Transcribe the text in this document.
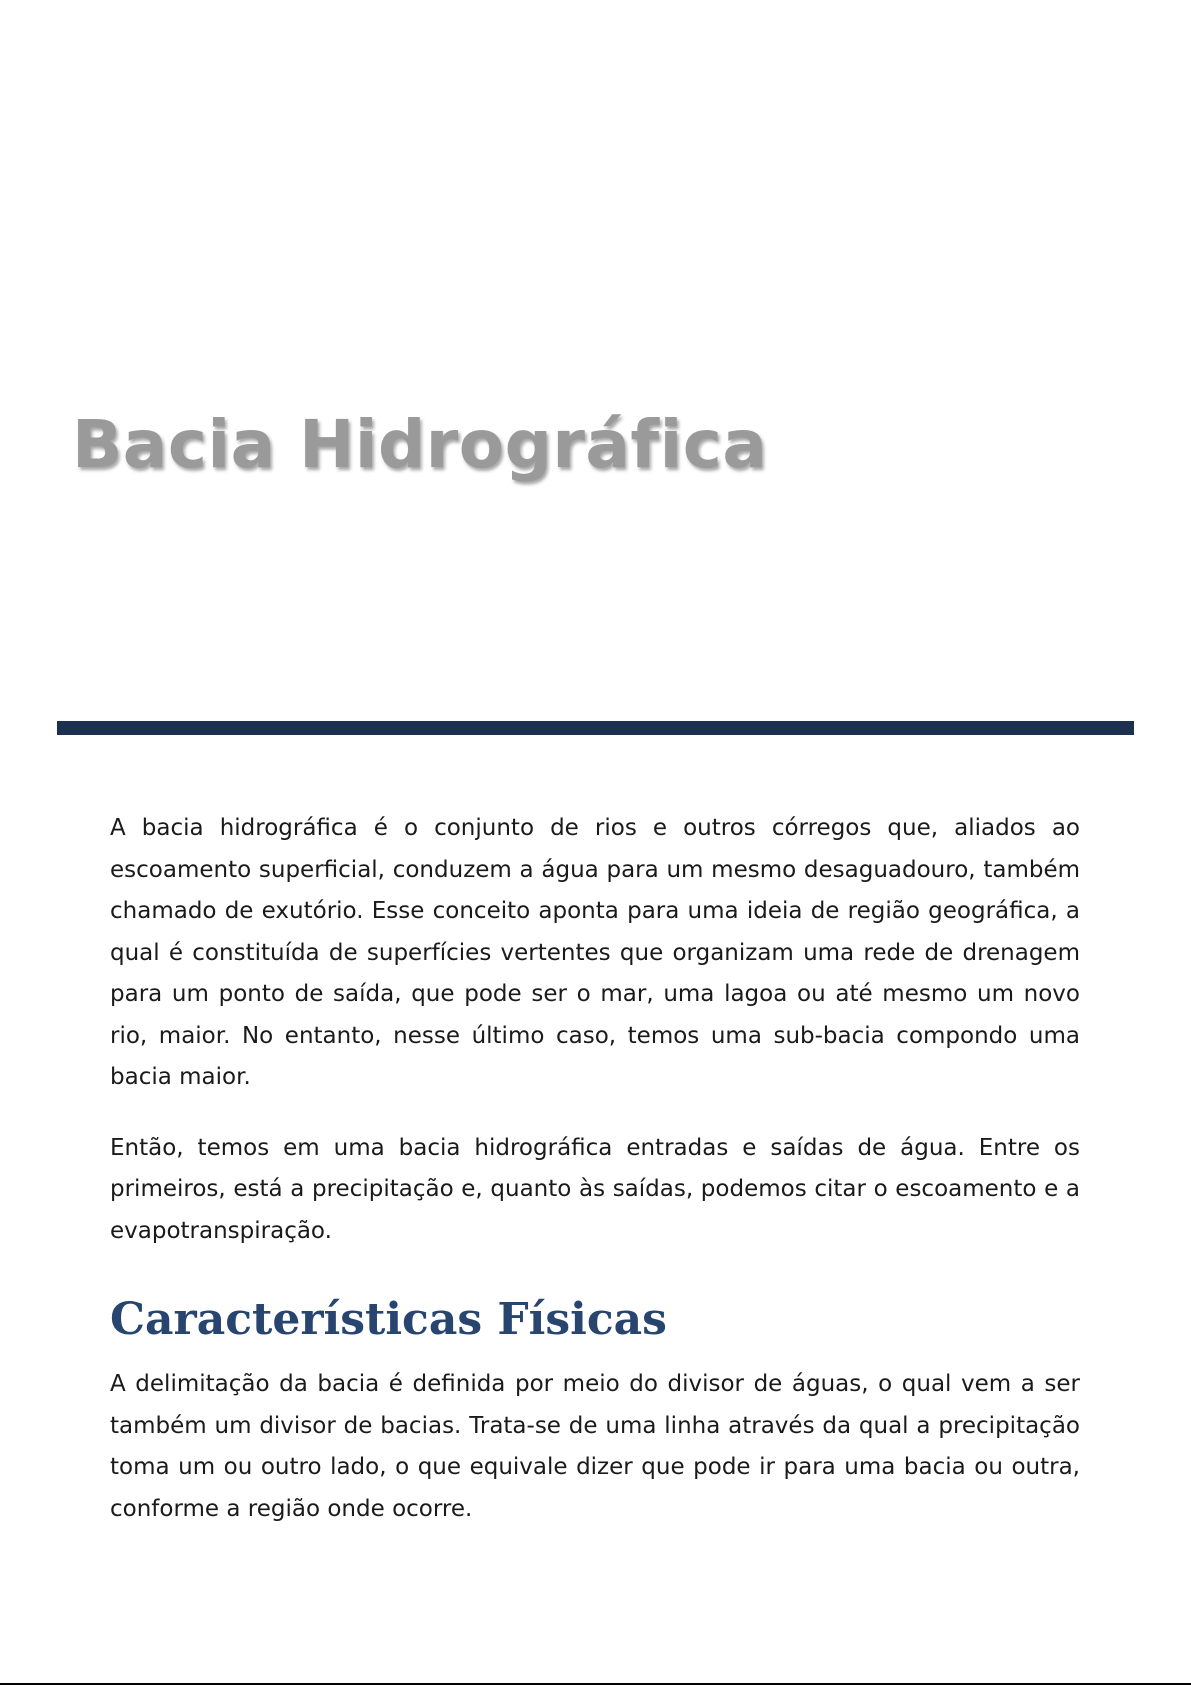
Bacia Hidrográfica

A bacia hidrográfica é o conjunto de rios e outros córregos que, aliados ao escoamento superficial, conduzem a água para um mesmo desaguadouro, também chamado de exutório. Esse conceito aponta para uma ideia de região geográfica, a qual é constituída de superfícies vertentes que organizam uma rede de drenagem para um ponto de saída, que pode ser o mar, uma lagoa ou até mesmo um novo rio, maior. No entanto, nesse último caso, temos uma sub-bacia compondo uma bacia maior.

Então, temos em uma bacia hidrográfica entradas e saídas de água. Entre os primeiros, está a precipitação e, quanto às saídas, podemos citar o escoamento e a evapotranspiração.

Características Físicas

A delimitação da bacia é definida por meio do divisor de águas, o qual vem a ser também um divisor de bacias. Trata-se de uma linha através da qual a precipitação toma um ou outro lado, o que equivale dizer que pode ir para uma bacia ou outra, conforme a região onde ocorre.
